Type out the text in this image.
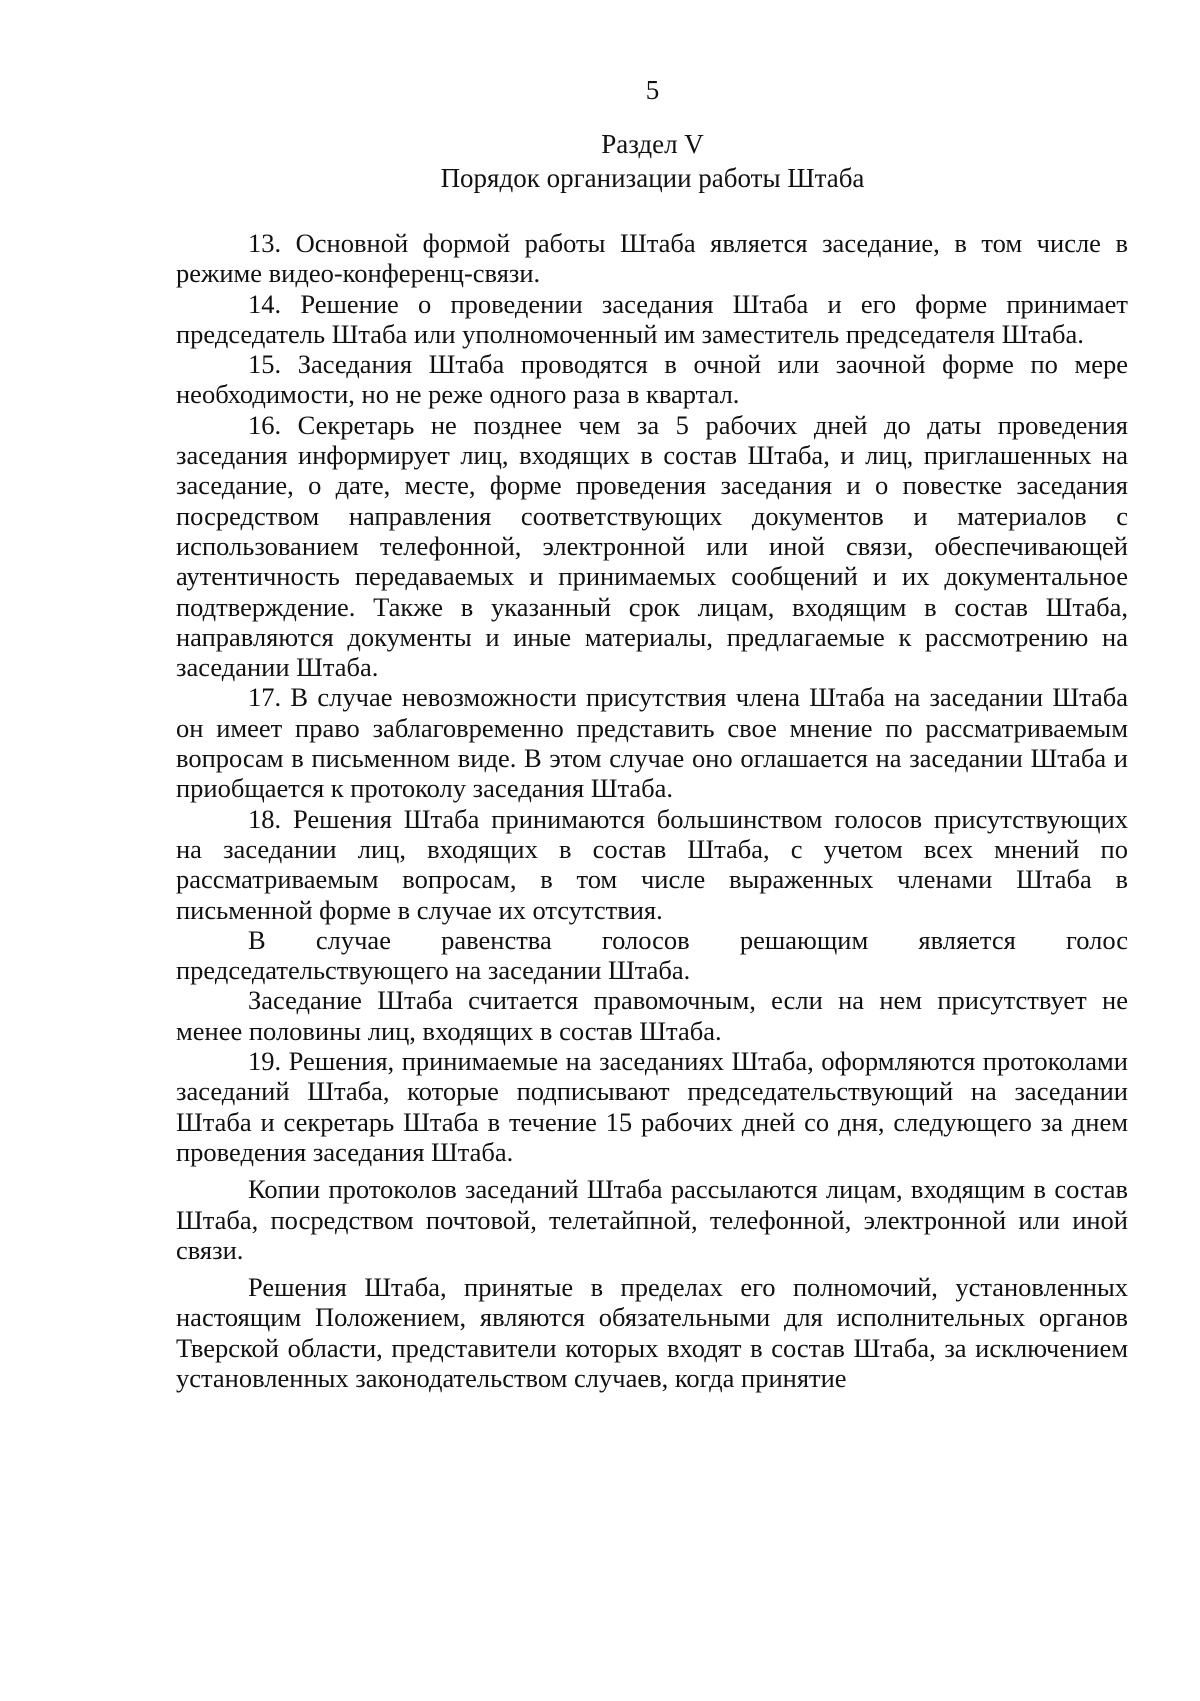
5
Раздел V
Порядок организации работы Штаба

13. Основной формой работы Штаба является заседание, в том числе в режиме видео-конференц-связи.

14. Решение о проведении заседания Штаба и его форме принимает председатель Штаба или уполномоченный им заместитель председателя Штаба.

15. Заседания Штаба проводятся в очной или заочной форме по мере необходимости, но не реже одного раза в квартал.

16. Секретарь не позднее чем за 5 рабочих дней до даты проведения заседания информирует лиц, входящих в состав Штаба, и лиц, приглашенных на заседание, о дате, месте, форме проведения заседания и о повестке заседания посредством направления соответствующих документов и материалов с использованием телефонной, электронной или иной связи, обеспечивающей аутентичность передаваемых и принимаемых сообщений и их документальное подтверждение. Также в указанный срок лицам, входящим в состав Штаба, направляются документы и иные материалы, предлагаемые к рассмотрению на заседании Штаба.

17. В случае невозможности присутствия члена Штаба на заседании Штаба он имеет право заблаговременно представить свое мнение по рассматриваемым вопросам в письменном виде. В этом случае оно оглашается на заседании Штаба и приобщается к протоколу заседания Штаба.

18. Решения Штаба принимаются большинством голосов присутствующих на заседании лиц, входящих в состав Штаба, с учетом всех мнений по рассматриваемым вопросам, в том числе выраженных членами Штаба в письменной форме в случае их отсутствия.

В случае равенства голосов решающим является голос председательствующего на заседании Штаба.

Заседание Штаба считается правомочным, если на нем присутствует не менее половины лиц, входящих в состав Штаба.

19. Решения, принимаемые на заседаниях Штаба, оформляются протоколами заседаний Штаба, которые подписывают председательствующий на заседании Штаба и секретарь Штаба в течение 15 рабочих дней со дня, следующего за днем проведения заседания Штаба.

Копии протоколов заседаний Штаба рассылаются лицам, входящим в состав Штаба, посредством почтовой, телетайпной, телефонной, электронной или иной связи.

Решения Штаба, принятые в пределах его полномочий, установленных настоящим Положением, являются обязательными для исполнительных органов Тверской области, представители которых входят в состав Штаба, за исключением установленных законодательством случаев, когда принятие
